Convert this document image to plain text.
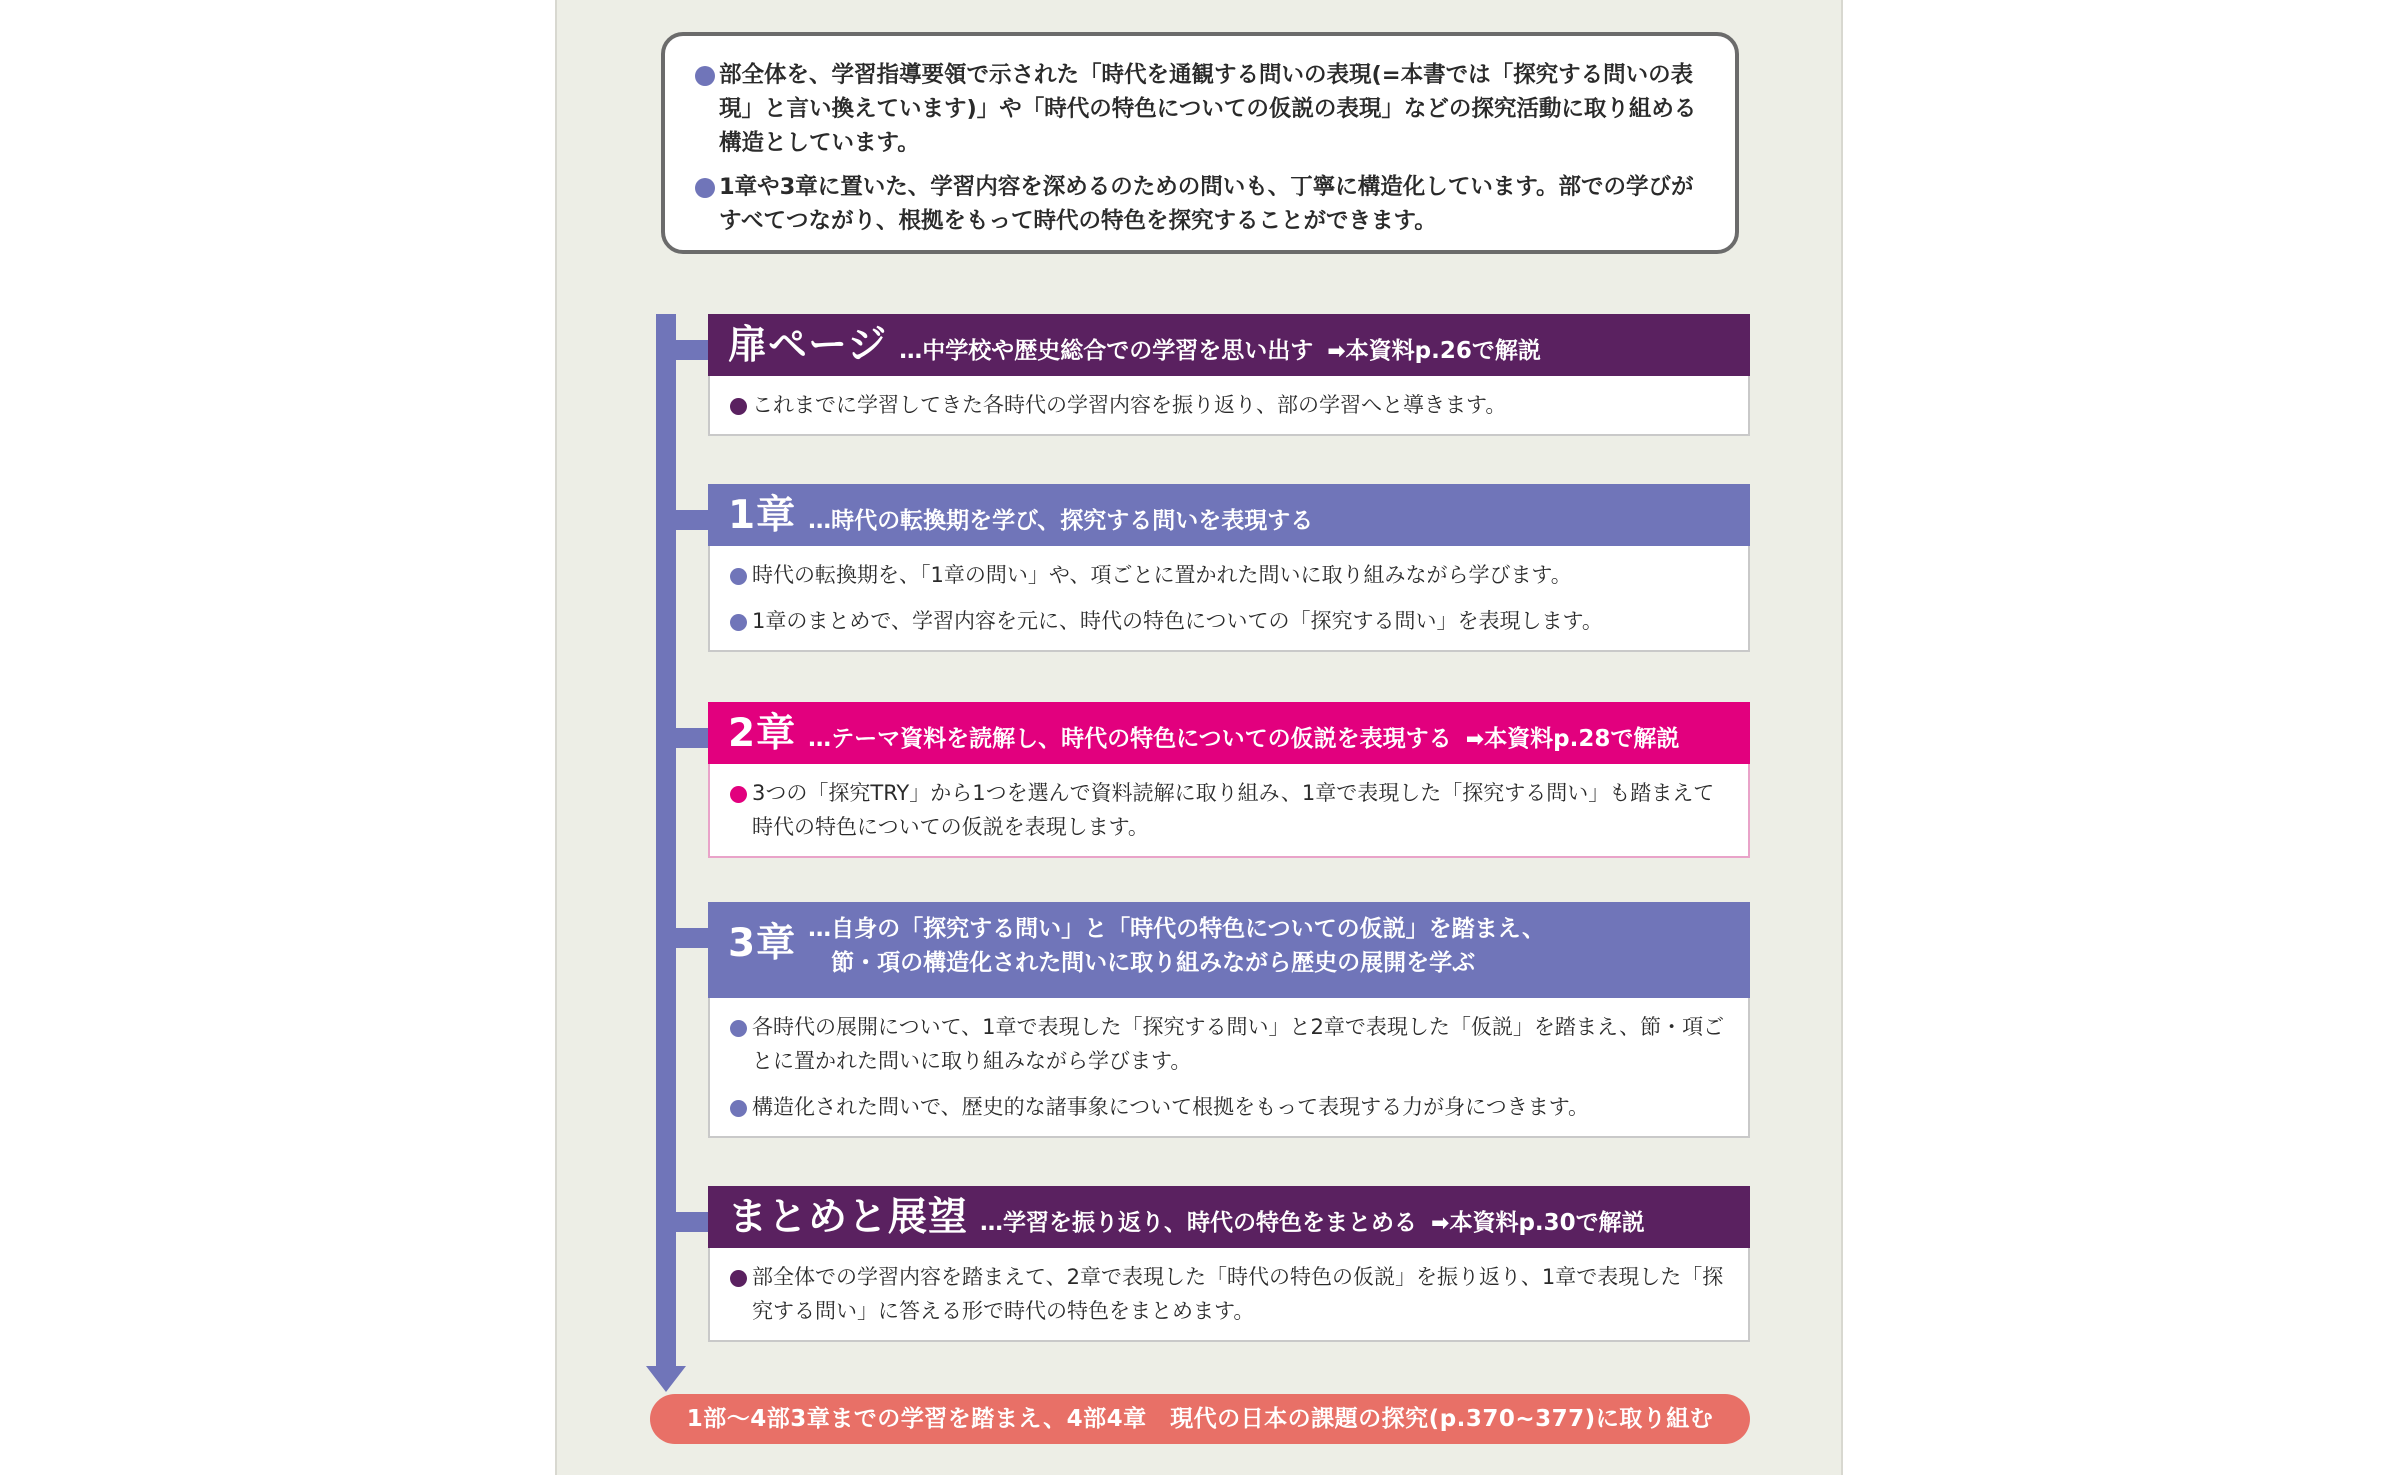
部全体を、学習指導要領で示された「時代を通観する問いの表現(=本書では「探究する問いの表現」と言い換えています)」や「時代の特色についての仮説の表現」などの探究活動に取り組める構造としています。

1章や3章に置いた、学習内容を深めるのための問いも、丁寧に構造化しています。部での学びがすべてつながり、根拠をもって時代の特色を探究することができます。

扉ページ …中学校や歴史総合での学習を思い出す ➡本資料p.26で解説

これまでに学習してきた各時代の学習内容を振り返り、部の学習へと導きます。

1章 …時代の転換期を学び、探究する問いを表現する

時代の転換期を、「1章の問い」や、項ごとに置かれた問いに取り組みながら学びます。

1章のまとめで、学習内容を元に、時代の特色についての「探究する問い」を表現します。

2章 …テーマ資料を読解し、時代の特色についての仮説を表現する ➡本資料p.28で解説

3つの「探究TRY」から1つを選んで資料読解に取り組み、1章で表現した「探究する問い」も踏まえて時代の特色についての仮説を表現します。

3章 …自身の「探究する問い」と「時代の特色についての仮説」を踏まえ、
節・項の構造化された問いに取り組みながら歴史の展開を学ぶ

各時代の展開について、1章で表現した「探究する問い」と2章で表現した「仮説」を踏まえ、節・項ごとに置かれた問いに取り組みながら学びます。

構造化された問いで、歴史的な諸事象について根拠をもって表現する力が身につきます。

まとめと展望 …学習を振り返り、時代の特色をまとめる ➡本資料p.30で解説

部全体での学習内容を踏まえて、2章で表現した「時代の特色の仮説」を振り返り、1章で表現した「探究する問い」に答える形で時代の特色をまとめます。

1部〜4部3章までの学習を踏まえ、4部4章　現代の日本の課題の探究(p.370~377)に取り組む
